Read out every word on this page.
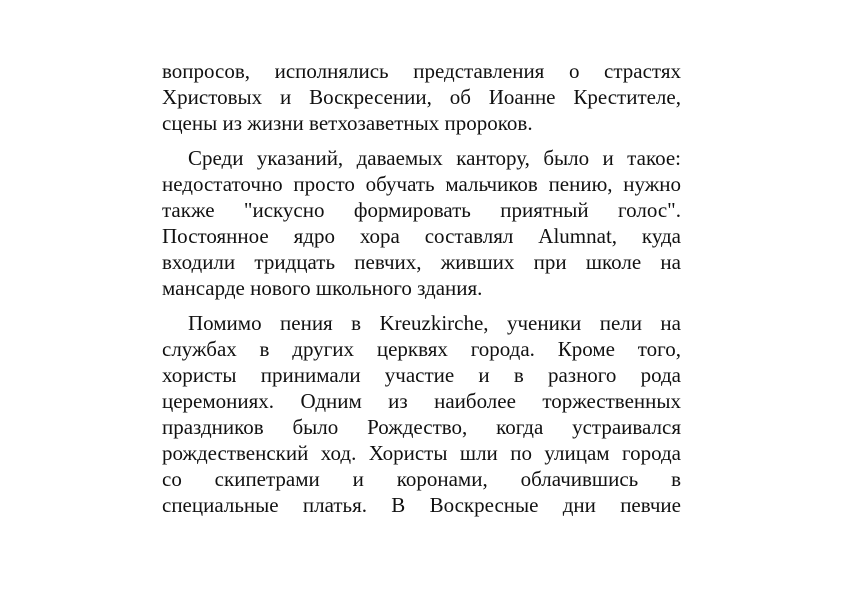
вопросов, исполнялись представления о страстях
Христовых и Воскресении, об Иоанне Крестителе,
сцены из жизни ветхозаветных пророков.
Среди указаний, даваемых кантору, было и такое:
недостаточно просто обучать мальчиков пению, нужно
также "искусно формировать приятный голос".
Постоянное ядро хора составлял Alumnat, куда
входили тридцать певчих, живших при школе на
мансарде нового школьного здания.
Помимо пения в Kreuzkirche, ученики пели на
службах в других церквях города. Кроме того,
хористы принимали участие и в разного рода
церемониях. Одним из наиболее торжественных
праздников было Рождество, когда устраивался
рождественский ход. Хористы шли по улицам города
со скипетрами и коронами, облачившись в
специальные платья. В Воскресные дни певчие
